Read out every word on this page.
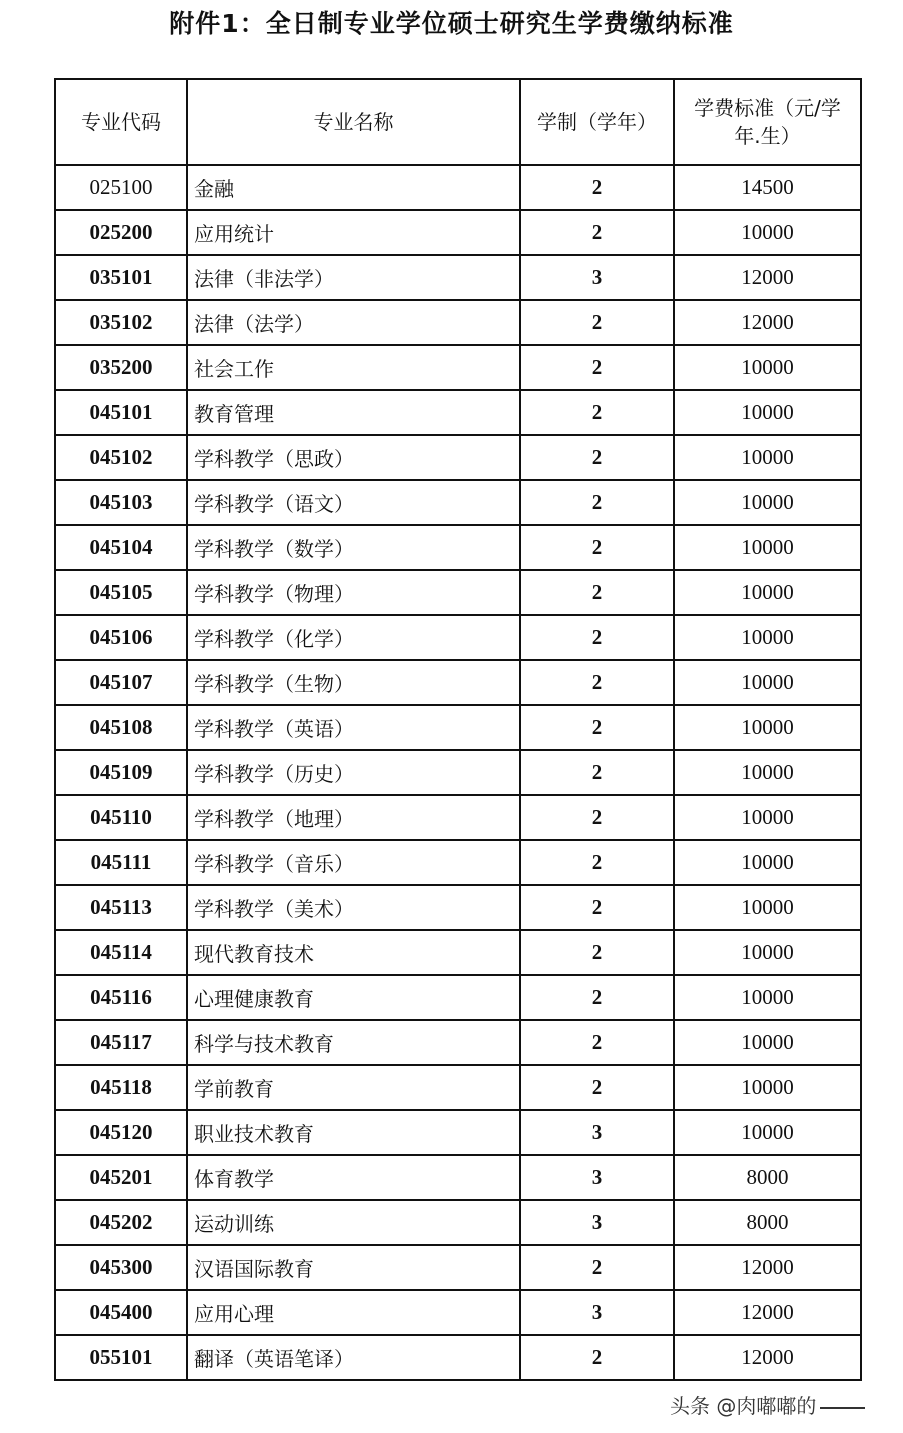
附件1：全日制专业学位硕士研究生学费缴纳标准
专业代码	专业名称	学制（学年）	学费标准（元/学年.生）
025100	金融	2	14500
025200	应用统计	2	10000
035101	法律（非法学）	3	12000
035102	法律（法学）	2	12000
035200	社会工作	2	10000
045101	教育管理	2	10000
045102	学科教学（思政）	2	10000
045103	学科教学（语文）	2	10000
045104	学科教学（数学）	2	10000
045105	学科教学（物理）	2	10000
045106	学科教学（化学）	2	10000
045107	学科教学（生物）	2	10000
045108	学科教学（英语）	2	10000
045109	学科教学（历史）	2	10000
045110	学科教学（地理）	2	10000
045111	学科教学（音乐）	2	10000
045113	学科教学（美术）	2	10000
045114	现代教育技术	2	10000
045116	心理健康教育	2	10000
045117	科学与技术教育	2	10000
045118	学前教育	2	10000
045120	职业技术教育	3	10000
045201	体育教学	3	8000
045202	运动训练	3	8000
045300	汉语国际教育	2	12000
045400	应用心理	3	12000
055101	翻译（英语笔译）	2	12000
头条 @肉嘟嘟的
